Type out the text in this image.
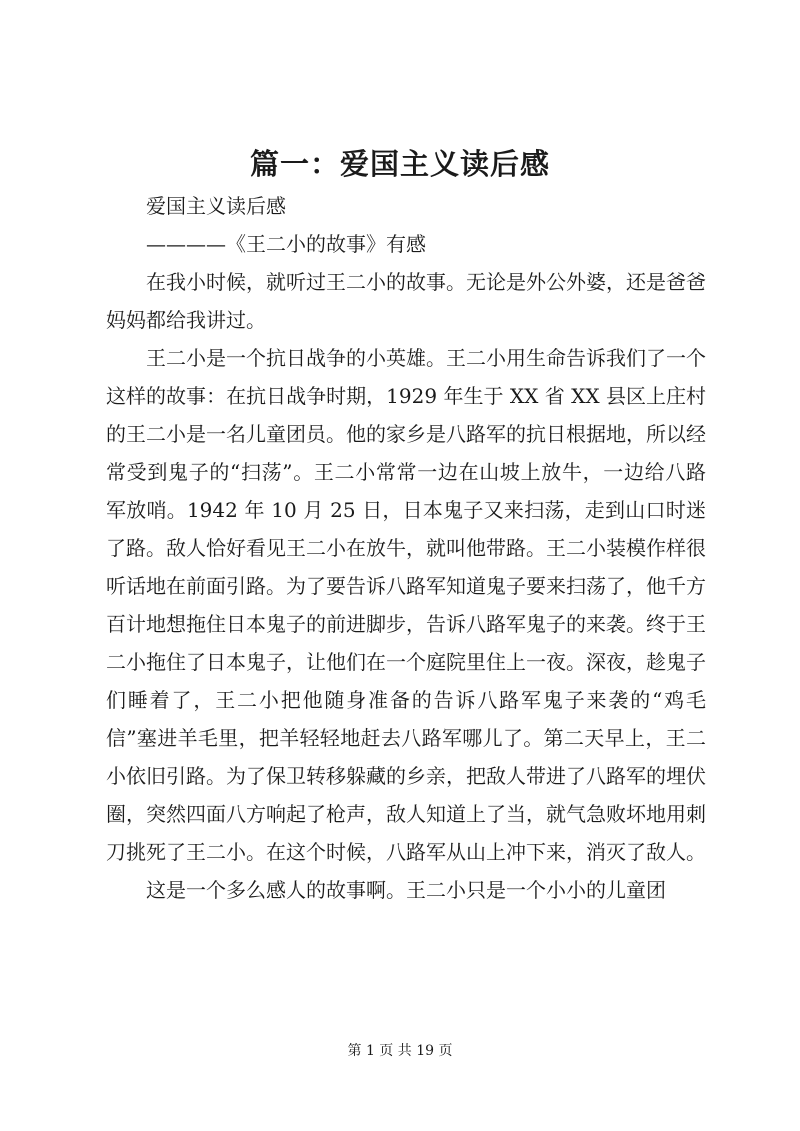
篇一：爱国主义读后感

爱国主义读后感

————《王二小的故事》有感

在我小时候，就听过王二小的故事。无论是外公外婆，还是爸爸妈妈都给我讲过。

王二小是一个抗日战争的小英雄。王二小用生命告诉我们了一个这样的故事：在抗日战争时期，1929 年生于 XX 省 XX 县区上庄村的王二小是一名儿童团员。他的家乡是八路军的抗日根据地，所以经常受到鬼子的“扫荡”。王二小常常一边在山坡上放牛，一边给八路军放哨。1942 年 10 月 25 日，日本鬼子又来扫荡，走到山口时迷了路。敌人恰好看见王二小在放牛，就叫他带路。王二小装模作样很听话地在前面引路。为了要告诉八路军知道鬼子要来扫荡了，他千方百计地想拖住日本鬼子的前进脚步，告诉八路军鬼子的来袭。终于王二小拖住了日本鬼子，让他们在一个庭院里住上一夜。深夜，趁鬼子们睡着了，王二小把他随身准备的告诉八路军鬼子来袭的“鸡毛信”塞进羊毛里，把羊轻轻地赶去八路军哪儿了。第二天早上，王二小依旧引路。为了保卫转移躲藏的乡亲，把敌人带进了八路军的埋伏圈，突然四面八方响起了枪声，敌人知道上了当，就气急败坏地用刺刀挑死了王二小。在这个时候，八路军从山上冲下来，消灭了敌人。

这是一个多么感人的故事啊。王二小只是一个小小的儿童团

第 1 页 共 19 页
